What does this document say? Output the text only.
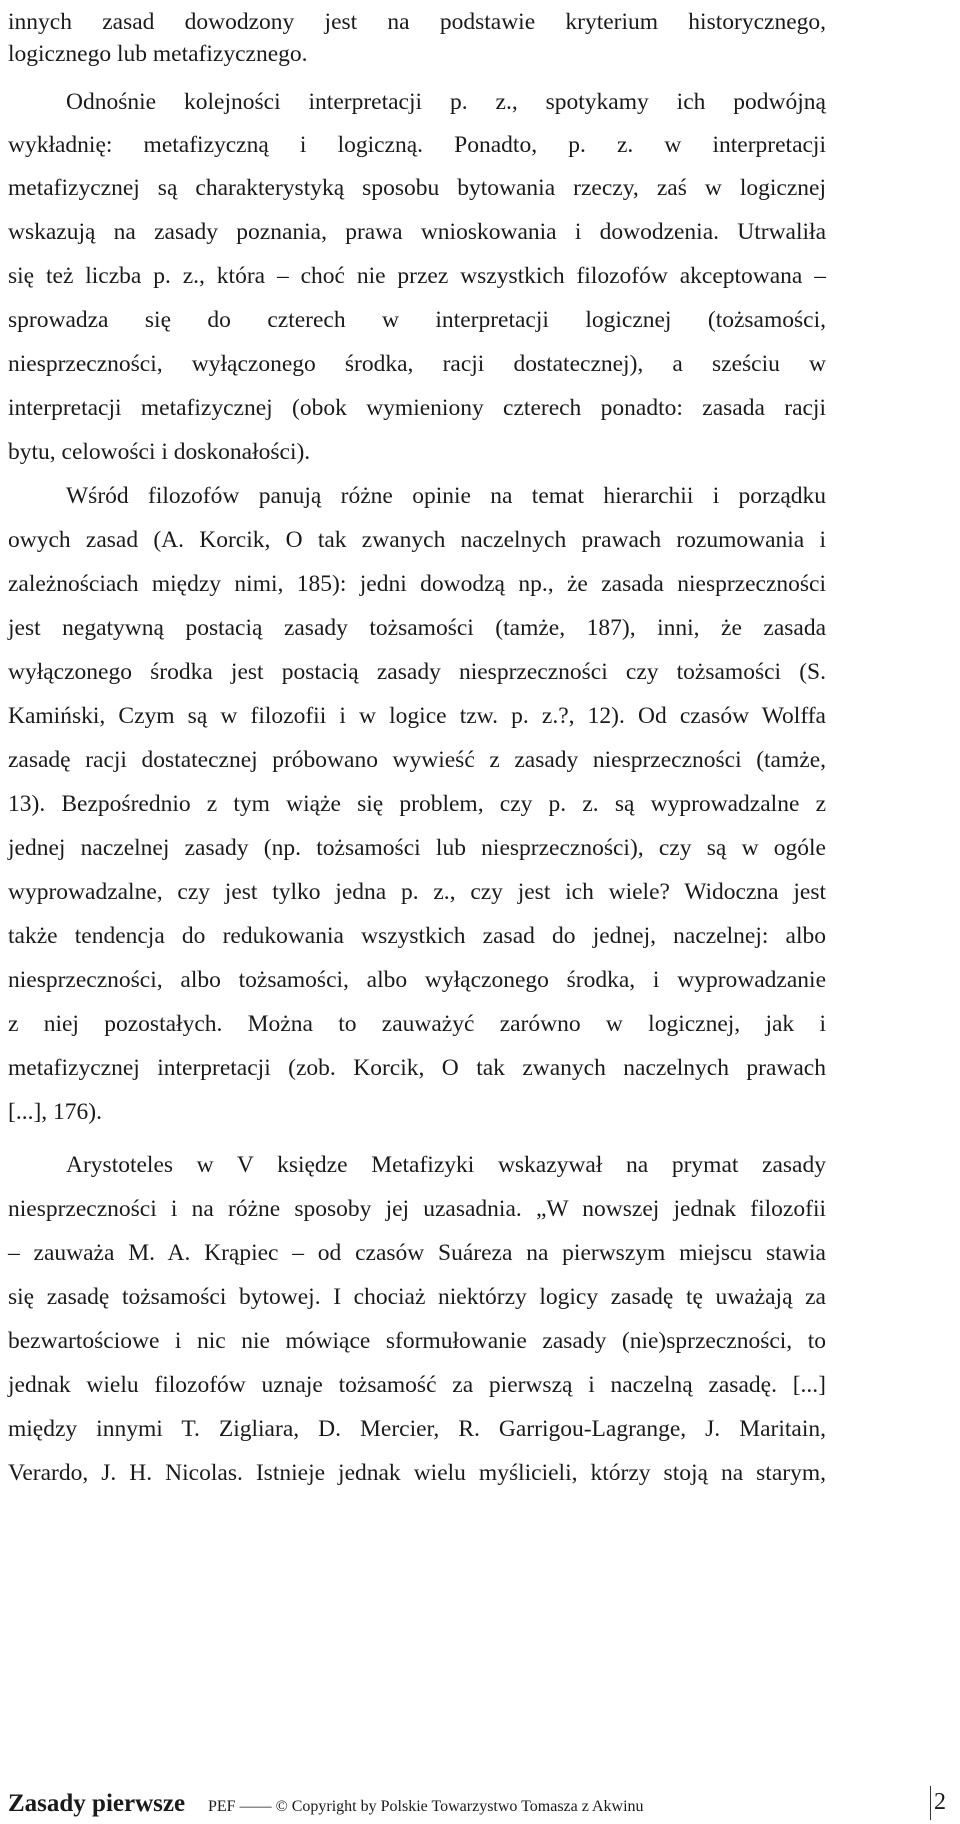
innych zasad dowodzony jest na podstawie kryterium historycznego,
logicznego lub metafizycznego.
Odnośnie kolejności interpretacji p. z., spotykamy ich podwójną
wykładnię: metafizyczną i logiczną. Ponadto, p. z. w interpretacji
metafizycznej są charakterystyką sposobu bytowania rzeczy, zaś w logicznej
wskazują na zasady poznania, prawa wnioskowania i dowodzenia. Utrwaliła
się też liczba p. z., która – choć nie przez wszystkich filozofów akceptowana –
sprowadza się do czterech w interpretacji logicznej (tożsamości,
niesprzeczności, wyłączonego środka, racji dostatecznej), a sześciu w
interpretacji metafizycznej (obok wymieniony czterech ponadto: zasada racji
bytu, celowości i doskonałości).
Wśród filozofów panują różne opinie na temat hierarchii i porządku
owych zasad (A. Korcik, O tak zwanych naczelnych prawach rozumowania i
zależnościach między nimi, 185): jedni dowodzą np., że zasada niesprzeczności
jest negatywną postacią zasady tożsamości (tamże, 187), inni, że zasada
wyłączonego środka jest postacią zasady niesprzeczności czy tożsamości (S.
Kamiński, Czym są w filozofii i w logice tzw. p. z.?, 12). Od czasów Wolffa
zasadę racji dostatecznej próbowano wywieść z zasady niesprzeczności (tamże,
13). Bezpośrednio z tym wiąże się problem, czy p. z. są wyprowadzalne z
jednej naczelnej zasady (np. tożsamości lub niesprzeczności), czy są w ogóle
wyprowadzalne, czy jest tylko jedna p. z., czy jest ich wiele? Widoczna jest
także tendencja do redukowania wszystkich zasad do jednej, naczelnej: albo
niesprzeczności, albo tożsamości, albo wyłączonego środka, i wyprowadzanie
z niej pozostałych. Można to zauważyć zarówno w logicznej, jak i
metafizycznej interpretacji (zob. Korcik, O tak zwanych naczelnych prawach
[...], 176).
Arystoteles w V księdze Metafizyki wskazywał na prymat zasady
niesprzeczności i na różne sposoby jej uzasadnia. „W nowszej jednak filozofii
– zauważa M. A. Krąpiec – od czasów Suáreza na pierwszym miejscu stawia
się zasadę tożsamości bytowej. I chociaż niektórzy logicy zasadę tę uważają za
bezwartościowe i nic nie mówiące sformułowanie zasady (nie)sprzeczności, to
jednak wielu filozofów uznaje tożsamość za pierwszą i naczelną zasadę. [...]
między innymi T. Zigliara, D. Mercier, R. Garrigou-Lagrange, J. Maritain,
Verardo, J. H. Nicolas. Istnieje jednak wielu myślicieli, którzy stoją na starym,
Zasady pierwsze PEF —— © Copyright by Polskie Towarzystwo Tomasza z Akwinu	2
